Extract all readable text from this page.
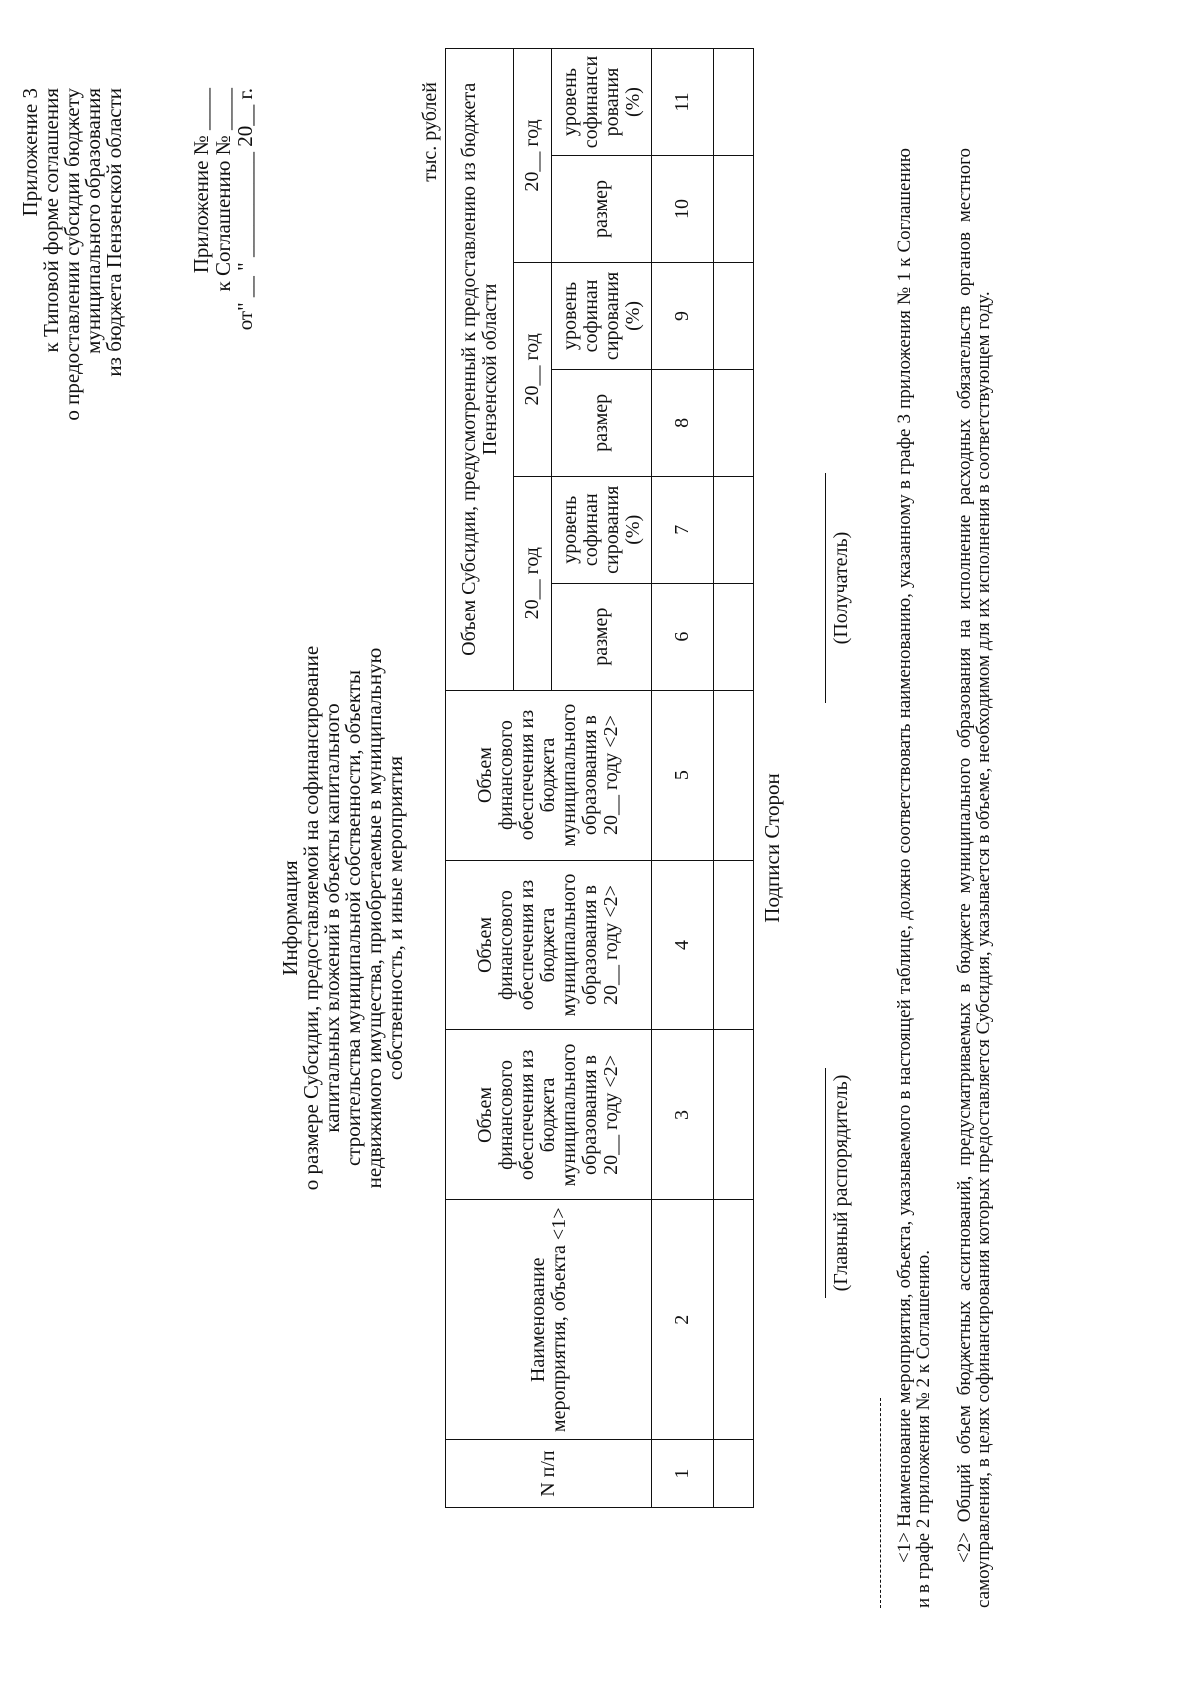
Приложение 3
к Типовой форме соглашения
о предоставлении субсидии бюджету
муниципального образования
из бюджета Пензенской области	Приложение № ____
к Соглашению № ____
от" __ " __________ 20__ г.
Информация
о размере Субсидии, предоставляемой на софинансирование капитальных вложений в объекты капитального строительства муниципальной собственности, объекты недвижимого имущества, приобретаемые в муниципальную собственность, и иные мероприятия
тыс. рублей
N п/п	Наименование мероприятия, объекта <1>	Объем финансового обеспечения из бюджета муниципального образования в 20__ году <2>	Объем финансового обеспечения из бюджета муниципального образования в 20__ году <2>	Объем финансового обеспечения из бюджета муниципального образования в 20__ году <2>	Объем Субсидии, предусмотренный к предоставлению из бюджета Пензенской области					
					20__ год		20__ год		20__ год	
					размер	уровень софинан сирования (%)	размер	уровень софинан сирования (%)	размер	уровень софинанси рования (%)
1	2	3	4	5	6	7	8	9	10	11

Подписи Сторон
(Главный распорядитель)
(Получатель) <1> Наименование мероприятия, объекта, указываемого в настоящей таблице, должно соответствовать наименованию, указанному в графе 3 приложения № 1 к Соглашению и в графе 2 приложения № 2 к Соглашению. <2> Общий объем бюджетных ассигнований, предусматриваемых в бюджете муниципального образования на исполнение расходных обязательств органов местного самоуправления, в целях софинансирования которых предоставляется Субсидия, указывается в объеме, необходимом для их исполнения в соответствующем году.
